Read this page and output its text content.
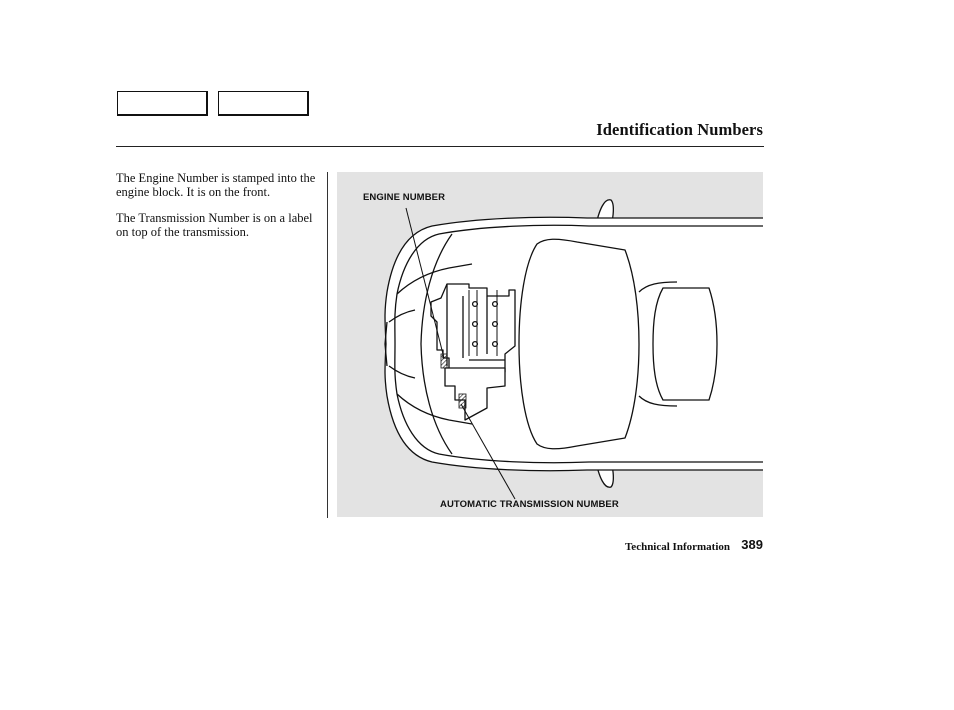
Identification Numbers
The Engine Number is stamped into the engine block. It is on the front.
The Transmission Number is on a label on top of the transmission.
ENGINE NUMBER
AUTOMATIC TRANSMISSION NUMBER
Technical Information 389
